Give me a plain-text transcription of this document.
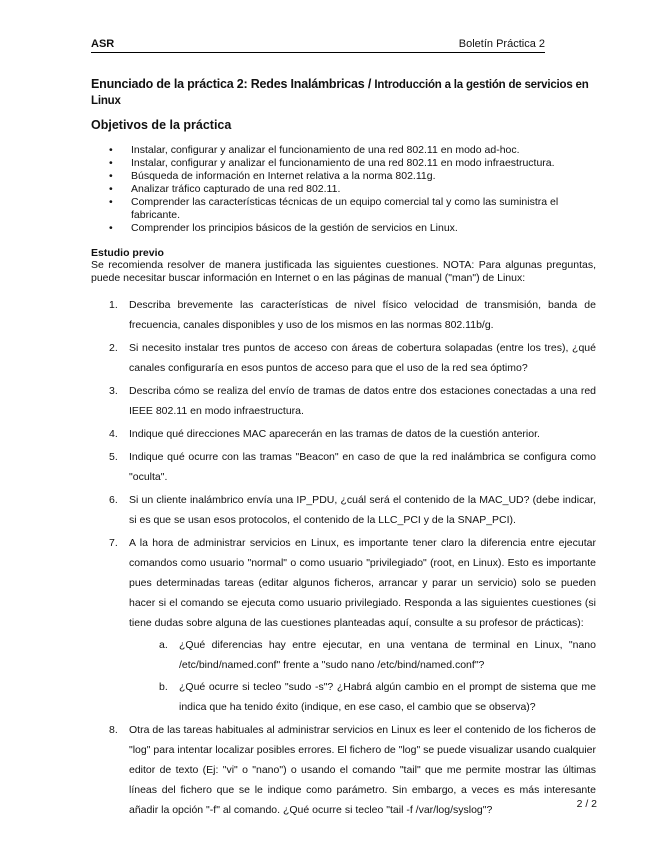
ASR	Boletín Práctica 2
Enunciado de la práctica 2: Redes Inalámbricas / Introducción a la gestión de servicios en Linux
Objetivos de la práctica
• Instalar, configurar y analizar el funcionamiento de una red 802.11 en modo ad-hoc.
• Instalar, configurar y analizar el funcionamiento de una red 802.11 en modo infraestructura.
• Búsqueda de información en Internet relativa a la norma 802.11g.
• Analizar tráfico capturado de una red 802.11.
• Comprender las características técnicas de un equipo comercial tal y como las suministra el fabricante.
• Comprender los principios básicos de la gestión de servicios en Linux.
Estudio previo
Se recomienda resolver de manera justificada las siguientes cuestiones. NOTA: Para algunas preguntas, puede necesitar buscar información en Internet o en las páginas de manual ("man") de Linux:
1. Describa brevemente las características de nivel físico velocidad de transmisión, banda de frecuencia, canales disponibles y uso de los mismos en las normas 802.11b/g.
2. Si necesito instalar tres puntos de acceso con áreas de cobertura solapadas (entre los tres), ¿qué canales configuraría en esos puntos de acceso para que el uso de la red sea óptimo?
3. Describa cómo se realiza del envío de tramas de datos entre dos estaciones conectadas a una red IEEE 802.11 en modo infraestructura.
4. Indique qué direcciones MAC aparecerán en las tramas de datos de la cuestión anterior.
5. Indique qué ocurre con las tramas "Beacon" en caso de que la red inalámbrica se configura como "oculta".
6. Si un cliente inalámbrico envía una IP_PDU, ¿cuál será el contenido de la MAC_UD? (debe indicar, si es que se usan esos protocolos, el contenido de la LLC_PCI y de la SNAP_PCI).
7. A la hora de administrar servicios en Linux, es importante tener claro la diferencia entre ejecutar comandos como usuario "normal" o como usuario "privilegiado" (root, en Linux). Esto es importante pues determinadas tareas (editar algunos ficheros, arrancar y parar un servicio) solo se pueden hacer si el comando se ejecuta como usuario privilegiado. Responda a las siguientes cuestiones (si tiene dudas sobre alguna de las cuestiones planteadas aquí, consulte a su profesor de prácticas):
a. ¿Qué diferencias hay entre ejecutar, en una ventana de terminal en Linux, "nano /etc/bind/named.conf" frente a "sudo nano /etc/bind/named.conf"?
b. ¿Qué ocurre si tecleo "sudo -s"? ¿Habrá algún cambio en el prompt de sistema que me indica que ha tenido éxito (indique, en ese caso, el cambio que se observa)?
8. Otra de las tareas habituales al administrar servicios en Linux es leer el contenido de los ficheros de "log" para intentar localizar posibles errores. El fichero de "log" se puede visualizar usando cualquier editor de texto (Ej: "vi" o "nano") o usando el comando "tail" que me permite mostrar las últimas líneas del fichero que se le indique como parámetro. Sin embargo, a veces es más interesante añadir la opción "-f" al comando. ¿Qué ocurre si tecleo "tail -f /var/log/syslog"?	2 / 2
